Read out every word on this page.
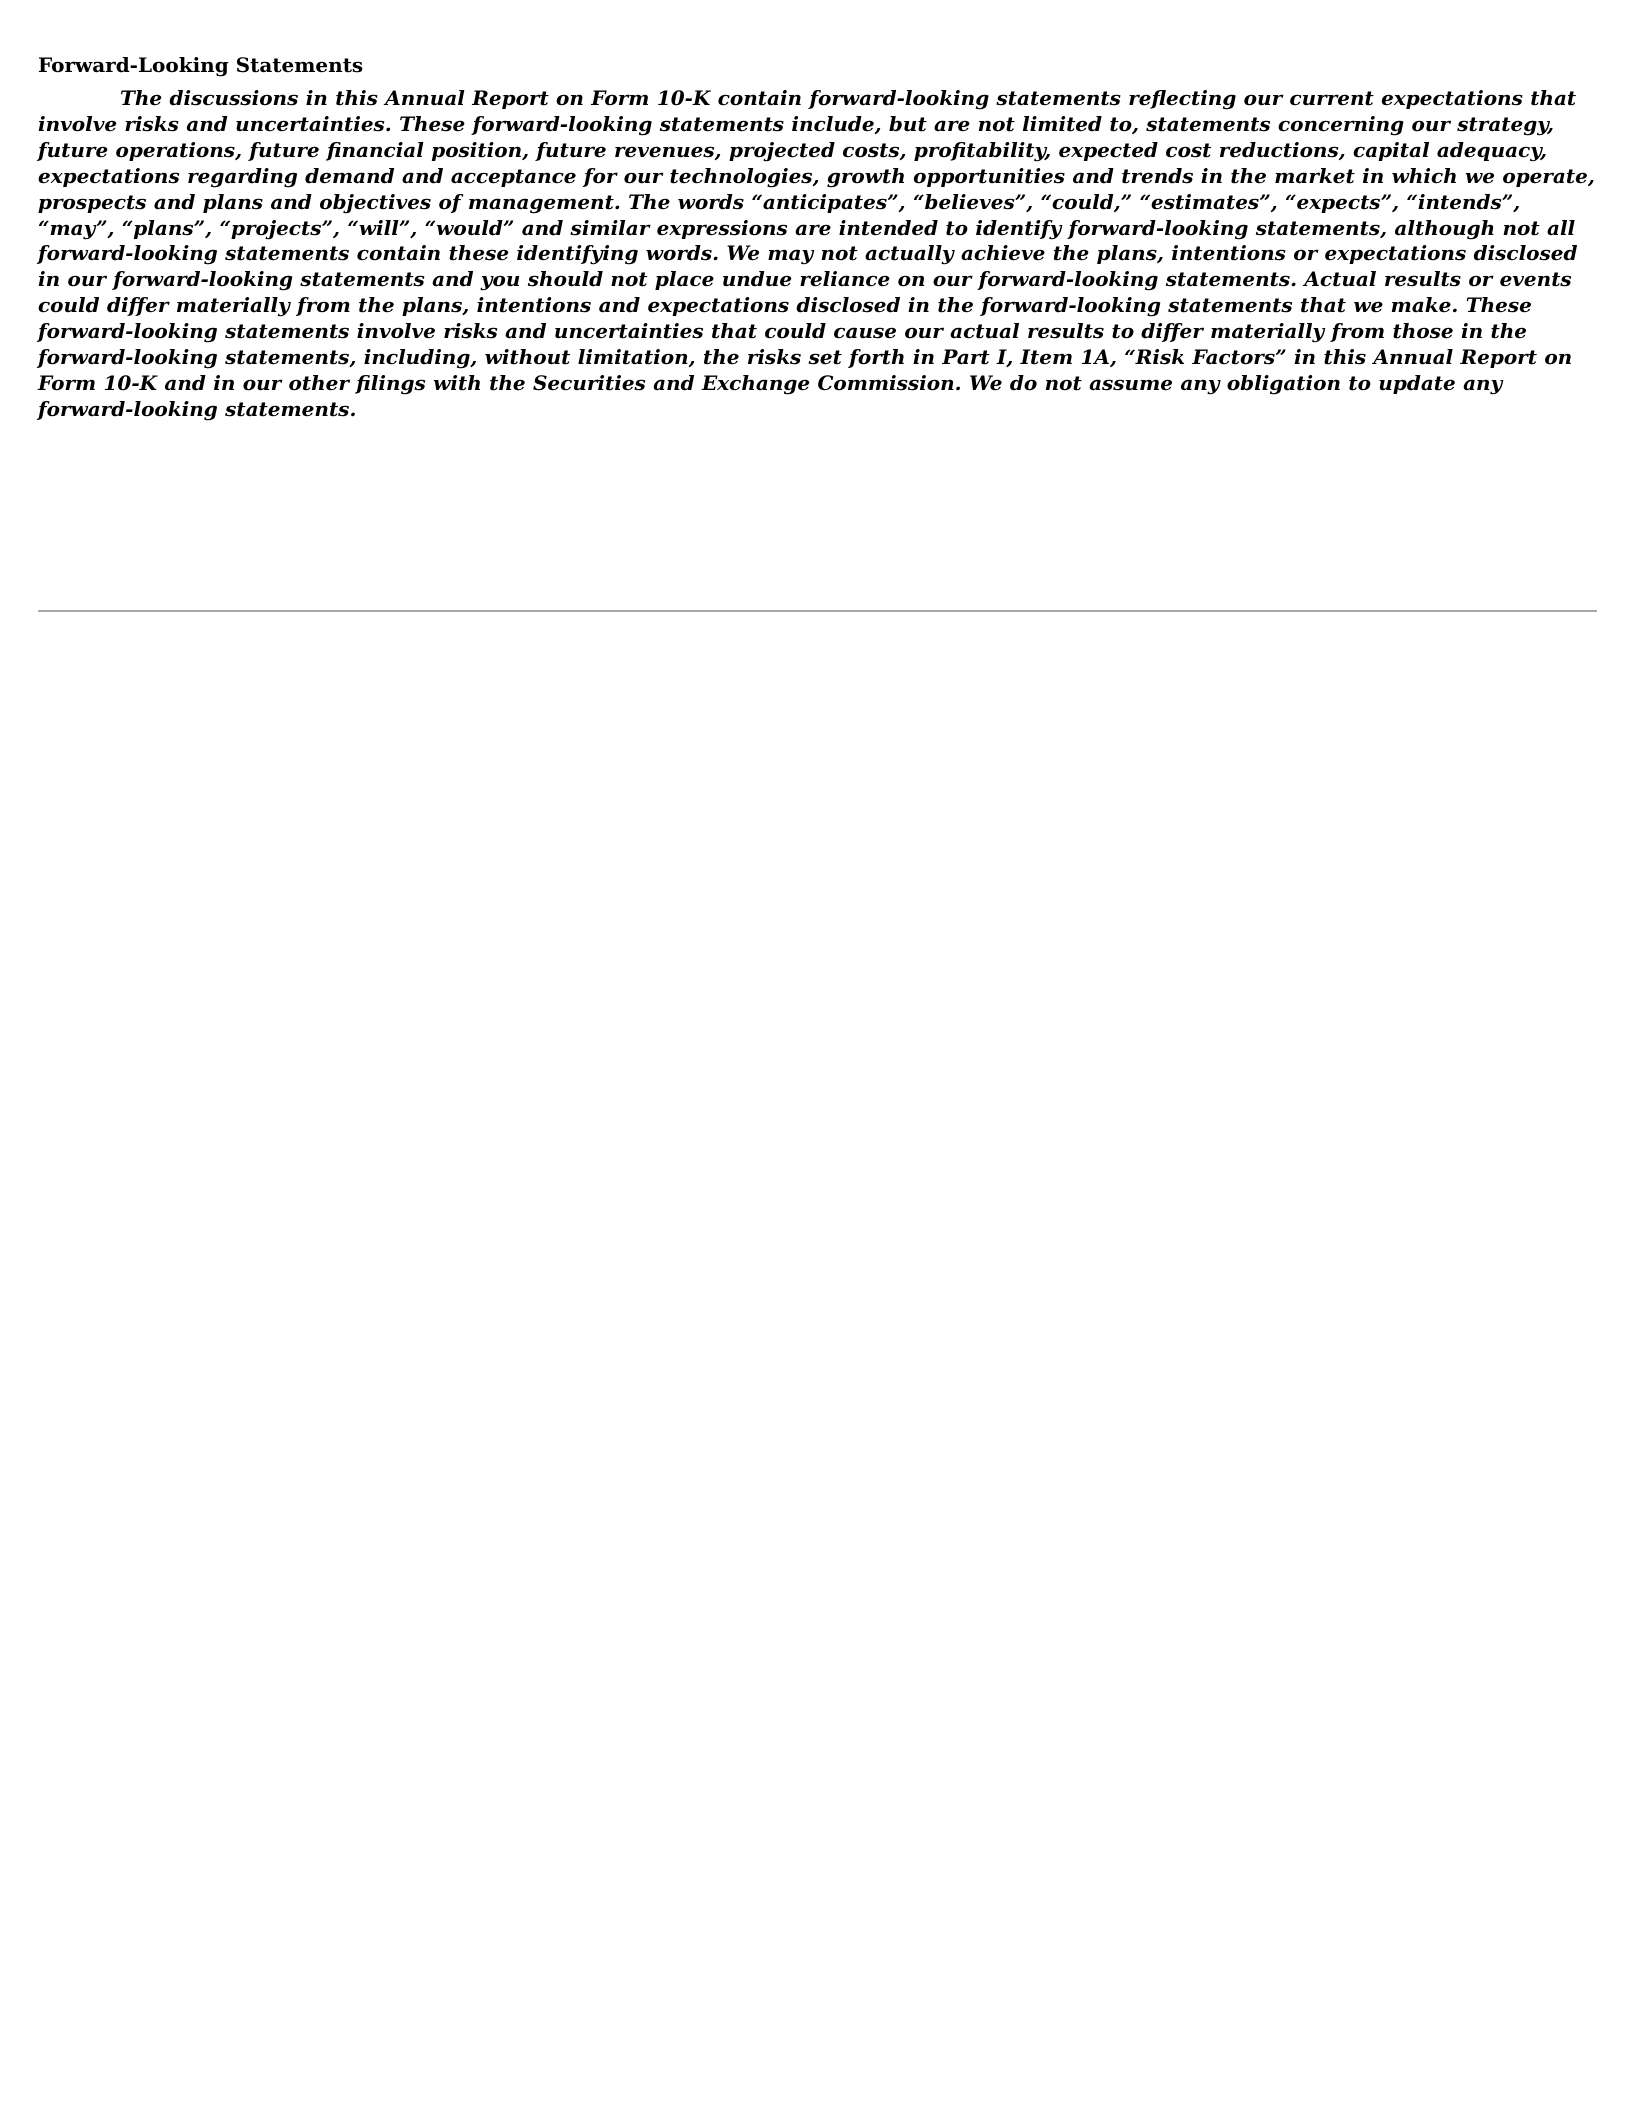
Forward-Looking Statements

The discussions in this Annual Report on Form 10-K contain forward-looking statements reflecting our current expectations that involve risks and uncertainties. These forward-looking statements include, but are not limited to, statements concerning our strategy, future operations, future financial position, future revenues, projected costs, profitability, expected cost reductions, capital adequacy, expectations regarding demand and acceptance for our technologies, growth opportunities and trends in the market in which we operate, prospects and plans and objectives of management. The words “anticipates”, “believes”, “could,” “estimates”, “expects”, “intends”, “may”, “plans”, “projects”, “will”, “would” and similar expressions are intended to identify forward-looking statements, although not all forward-looking statements contain these identifying words. We may not actually achieve the plans, intentions or expectations disclosed in our forward-looking statements and you should not place undue reliance on our forward-looking statements. Actual results or events could differ materially from the plans, intentions and expectations disclosed in the forward-looking statements that we make. These forward-looking statements involve risks and uncertainties that could cause our actual results to differ materially from those in the forward-looking statements, including, without limitation, the risks set forth in Part I, Item 1A, “Risk Factors” in this Annual Report on Form 10-K and in our other filings with the Securities and Exchange Commission. We do not assume any obligation to update any forward-looking statements.
